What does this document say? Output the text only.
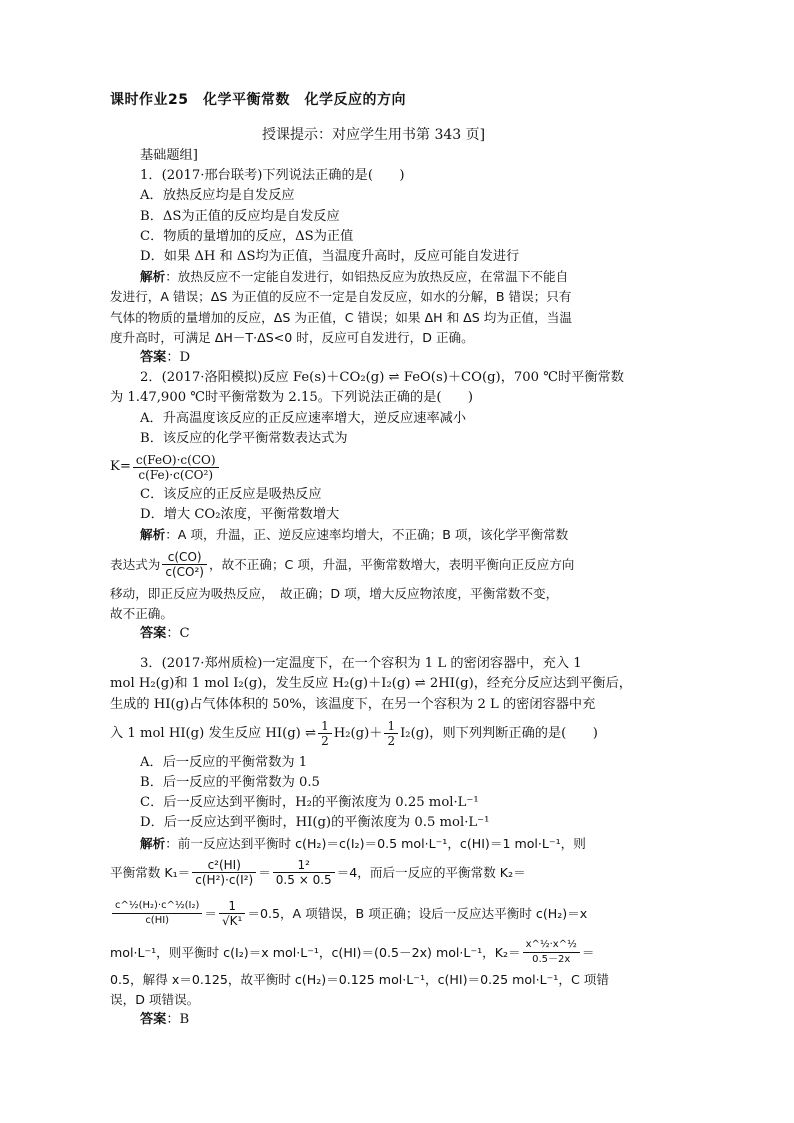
课时作业25　化学平衡常数　化学反应的方向
授课提示：对应学生用书第 343 页]
基础题组]
1．(2017·邢台联考)下列说法正确的是(　　)
A．放热反应均是自发反应
B．ΔS为正值的反应均是自发反应
C．物质的量增加的反应，ΔS为正值
D．如果 ΔH 和 ΔS均为正值，当温度升高时，反应可能自发进行
解析：放热反应不一定能自发进行，如铝热反应为放热反应，在常温下不能自
发进行，A 错误；ΔS 为正值的反应不一定是自发反应，如水的分解，B 错误；只有
气体的物质的量增加的反应，ΔS 为正值，C 错误；如果 ΔH 和 ΔS 均为正值，当温
度升高时，可满足 ΔH－T·ΔS<0 时，反应可自发进行，D 正确。
答案：D
2．(2017·洛阳模拟)反应 Fe(s)＋CO₂(g) ⇌ FeO(s)＋CO(g)，700 ℃时平衡常数
为 1.47,900 ℃时平衡常数为 2.15。下列说法正确的是(　　)
A．升高温度该反应的正反应速率增大，逆反应速率减小
B．该反应的化学平衡常数表达式为
$K= \frac{\text{c(FeO)·c(CO)}}{\text{c(Fe)·c(CO²)}}$
C．该反应的正反应是吸热反应
D．增大 CO₂浓度，平衡常数增大
解析：A 项，升温，正、逆反应速率均增大，不正确；B 项，该化学平衡常数
表达式为 $\frac{c(CO)}{\text{c(CO²)}}$ ，故不正确；C 项，升温，平衡常数增大，表明平衡向正反应方向
移动，即正反应为吸热反应，　故正确；D 项，增大反应物浓度，平衡常数不变，
故不正确。
答案：C
3．(2017·郑州质检)一定温度下，在一个容积为 1 L 的密闭容器中，充入 1
mol H₂(g)和 1 mol I₂(g)，发生反应 H₂(g)＋I₂(g) ⇌ 2HI(g)，经充分反应达到平衡后，
生成的 HI(g)占气体体积的 50%，该温度下，在另一个容积为 2 L 的密闭容器中充
入 1 mol HI(g) 发生反应 HI(g) ⇌ $\frac{1}{2} H_2(g)+ \frac{1}{2} I_2(g)$，则下列判断正确的是(　　)
A．后一反应的平衡常数为 1
B．后一反应的平衡常数为 0.5
C．后一反应达到平衡时，H₂的平衡浓度为 0.25 mol·L⁻¹
D．后一反应达到平衡时，HI(g)的平衡浓度为 0.5 mol·L⁻¹
解析：前一反应达到平衡时 c(H₂)＝c(I₂)＝0.5 mol·L⁻¹，c(HI)＝1 mol·L⁻¹，则
平衡常数 $K_1= \frac{\text{c²(HI)}}{\text{c(H²)·c(I²)}} = \frac{\text{1²}}{0.5 \times 0.5} =4$，而后一反应的平衡常数 K₂＝
$\frac{\text{c\textasciicircum{}½(H₂)·c\textasciicircum{}½(I₂)}}{c(HI)} = \frac{1}{\text{√K¹}} =0.5$，A 项错误，B 项正确；设后一反应达平衡时 c(H₂)＝x
mol·L⁻¹，则平衡时 c(I₂)＝x mol·L⁻¹，c(HI)＝(0.5－2x) mol·L⁻¹，$K_2= \frac{\text{x\textasciicircum{}½·x\textasciicircum{}½}}{0.5-2x}$ ＝
0.5，解得 x＝0.125，故平衡时 c(H₂)＝0.125 mol·L⁻¹，c(HI)＝0.25 mol·L⁻¹，C 项错
误，D 项错误。
答案：B
